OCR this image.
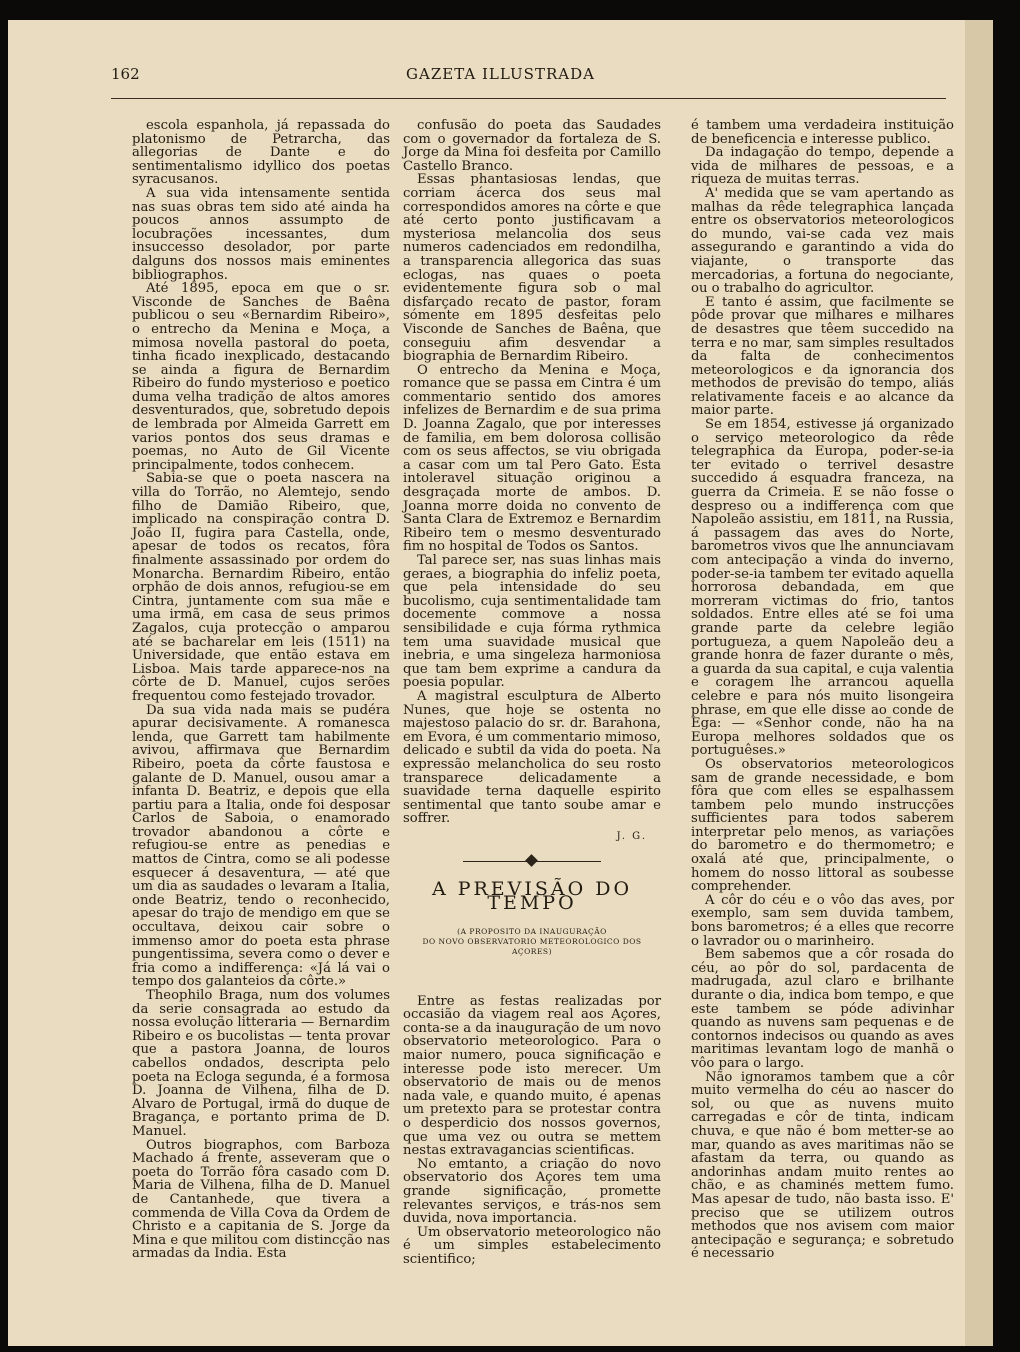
162	GAZETA ILLUSTRADA

escola espanhola, já repassada do platonismo de Petrarcha, das allegorias de Dante e do sentimentalismo idyllico dos poetas syracusanos.

A sua vida intensamente sentida nas suas obras tem sido até ainda ha poucos annos assumpto de locubrações incessantes, dum insuccesso desolador, por parte dalguns dos nossos mais eminentes bibliographos.

Até 1895, epoca em que o sr. Visconde de Sanches de Baêna publicou o seu «Bernardim Ribeiro», o entrecho da Menina e Moça, a mimosa novella pastoral do poeta, tinha ficado inexplicado, destacando se ainda a figura de Bernardim Ribeiro do fundo mysterioso e poetico duma velha tradição de altos amores desventurados, que, sobretudo depois de lembrada por Almeida Garrett em varios pontos dos seus dramas e poemas, no Auto de Gil Vicente principalmente, todos conhecem.

Sabia-se que o poeta nascera na villa do Torrão, no Alemtejo, sendo filho de Damião Ribeiro, que, implicado na conspiração contra D. João II, fugira para Castella, onde, apesar de todos os recatos, fôra finalmente assassinado por ordem do Monarcha. Bernardim Ribeiro, então orphão de dois annos, refugiou-se em Cintra, juntamente com sua mãe e uma irmã, em casa de seus primos Zagalos, cuja protecção o amparou até se bacharelar em leis (1511) na Universidade, que então estava em Lisboa. Mais tarde apparece-nos na côrte de D. Manuel, cujos serões frequentou como festejado trovador.

Da sua vida nada mais se pudéra apurar decisivamente. A romanesca lenda, que Garrett tam habilmente avivou, affirmava que Bernardim Ribeiro, poeta da côrte faustosa e galante de D. Manuel, ousou amar a infanta D. Beatriz, e depois que ella partiu para a Italia, onde foi desposar Carlos de Saboia, o enamorado trovador abandonou a côrte e refugiou-se entre as penedias e mattos de Cintra, como se ali podesse esquecer á desaventura, — até que um dia as saudades o levaram a Italia, onde Beatriz, tendo o reconhecido, apesar do trajo de mendigo em que se occultava, deixou cair sobre o immenso amor do poeta esta phrase pungentissima, severa como o dever e fria como a indifferença: «Já lá vai o tempo dos galanteios da côrte.»

Theophilo Braga, num dos volumes da serie consagrada ao estudo da nossa evolução litteraria — Bernardim Ribeiro e os bucolistas — tenta provar que a pastora Joanna, de louros cabellos ondados, descripta pelo poeta na Ecloga segunda, é a formosa D. Joanna de Vilhena, filha de D. Alvaro de Portugal, irmã do duque de Bragança, e portanto prima de D. Manuel.

Outros biographos, com Barboza Machado á frente, asseveram que o poeta do Torrão fôra casado com D. Maria de Vilhena, filha de D. Manuel de Cantanhede, que tivera a commenda de Villa Cova da Ordem de Christo e a capitania de S. Jorge da Mina e que militou com distincção nas armadas da India. Esta

confusão do poeta das Saudades com o governador da fortaleza de S. Jorge da Mina foi desfeita por Camillo Castello Branco.

Essas phantasiosas lendas, que corriam ácerca dos seus mal correspondidos amores na côrte e que até certo ponto justificavam a mysteriosa melancolia dos seus numeros cadenciados em redondilha, a transparencia allegorica das suas eclogas, nas quaes o poeta evidentemente figura sob o mal disfarçado recato de pastor, foram sómente em 1895 desfeitas pelo Visconde de Sanches de Baêna, que conseguiu afim desvendar a biographia de Bernardim Ribeiro.

O entrecho da Menina e Moça, romance que se passa em Cintra é um commentario sentido dos amores infelizes de Bernardim e de sua prima D. Joanna Zagalo, que por interesses de familia, em bem dolorosa collisão com os seus affectos, se viu obrigada a casar com um tal Pero Gato. Esta intoleravel situação originou a desgraçada morte de ambos. D. Joanna morre doida no convento de Santa Clara de Extremoz e Bernardim Ribeiro tem o mesmo desventurado fim no hospital de Todos os Santos.

Tal parece ser, nas suas linhas mais geraes, a biographia do infeliz poeta, que pela intensidade do seu bucolismo, cuja sentimentalidade tam docemente commove a nossa sensibilidade e cuja fórma rythmica tem uma suavidade musical que inebria, e uma singeleza harmoniosa que tam bem exprime a candura da poesia popular.

A magistral esculptura de Alberto Nunes, que hoje se ostenta no majestoso palacio do sr. dr. Barahona, em Evora, é um commentario mimoso, delicado e subtil da vida do poeta. Na expressão melancholica do seu rosto transparece delicadamente a suavidade terna daquelle espirito sentimental que tanto soube amar e soffrer.

J. G.
A PREVISÃO DO TEMPO
(A PROPOSITO DA INAUGURAÇÃO
DO NOVO OBSERVATORIO METEOROLOGICO DOS AÇORES)

Entre as festas realizadas por occasião da viagem real aos Açores, conta-se a da inauguração de um novo observatorio meteorologico. Para o maior numero, pouca significação e interesse pode isto merecer. Um observatorio de mais ou de menos nada vale, e quando muito, é apenas um pretexto para se protestar contra o desperdicio dos nossos governos, que uma vez ou outra se mettem nestas extravagancias scientificas.

No emtanto, a criação do novo observatorio dos Açores tem uma grande significação, promette relevantes serviços, e trás-nos sem duvida, nova importancia.

Um observatorio meteorologico não é um simples estabelecimento scientifico;

é tambem uma verdadeira instituição de beneficencia e interesse publico.

Da indagação do tempo, depende a vida de milhares de pessoas, e a riqueza de muitas terras.

A' medida que se vam apertando as malhas da rêde telegraphica lançada entre os observatorios meteorologicos do mundo, vai-se cada vez mais assegurando e garantindo a vida do viajante, o transporte das mercadorias, a fortuna do negociante, ou o trabalho do agricultor.

E tanto é assim, que facilmente se pôde provar que milhares e milhares de desastres que têem succedido na terra e no mar, sam simples resultados da falta de conhecimentos meteorologicos e da ignorancia dos methodos de previsão do tempo, aliás relativamente faceis e ao alcance da maior parte.

Se em 1854, estivesse já organizado o serviço meteorologico da rêde telegraphica da Europa, poder-se-ia ter evitado o terrivel desastre succedido á esquadra franceza, na guerra da Crimeia. E se não fosse o despreso ou a indifferença com que Napoleão assistiu, em 1811, na Russia, á passagem das aves do Norte, barometros vivos que lhe annunciavam com antecipação a vinda do inverno, poder-se-ia tambem ter evitado aquella horrorosa debandada, em que morreram victimas do frio, tantos soldados. Entre elles até se foi uma grande parte da celebre legião portugueza, a quem Napoleão deu a grande honra de fazer durante o mês, a guarda da sua capital, e cuja valentia e coragem lhe arrancou aquella celebre e para nós muito lisongeira phrase, em que elle disse ao conde de Ega: — «Senhor conde, não ha na Europa melhores soldados que os portuguêses.»

Os observatorios meteorologicos sam de grande necessidade, e bom fôra que com elles se espalhassem tambem pelo mundo instrucções sufficientes para todos saberem interpretar pelo menos, as variações do barometro e do thermometro; e oxalá até que, principalmente, o homem do nosso littoral as soubesse comprehender.

A côr do céu e o vôo das aves, por exemplo, sam sem duvida tambem, bons barometros; é a elles que recorre o lavrador ou o marinheiro.

Bem sabemos que a côr rosada do céu, ao pôr do sol, pardacenta de madrugada, azul claro e brilhante durante o dia, indica bom tempo, e que este tambem se póde adivinhar quando as nuvens sam pequenas e de contornos indecisos ou quando as aves maritimas levantam logo de manhã o vôo para o largo.

Não ignoramos tambem que a côr muito vermelha do céu ao nascer do sol, ou que as nuvens muito carregadas e côr de tinta, indicam chuva, e que não é bom metter-se ao mar, quando as aves maritimas não se afastam da terra, ou quando as andorinhas andam muito rentes ao chão, e as chaminés mettem fumo. Mas apesar de tudo, não basta isso. E' preciso que se utilizem outros methodos que nos avisem com maior antecipação e segurança; e sobretudo é necessario
